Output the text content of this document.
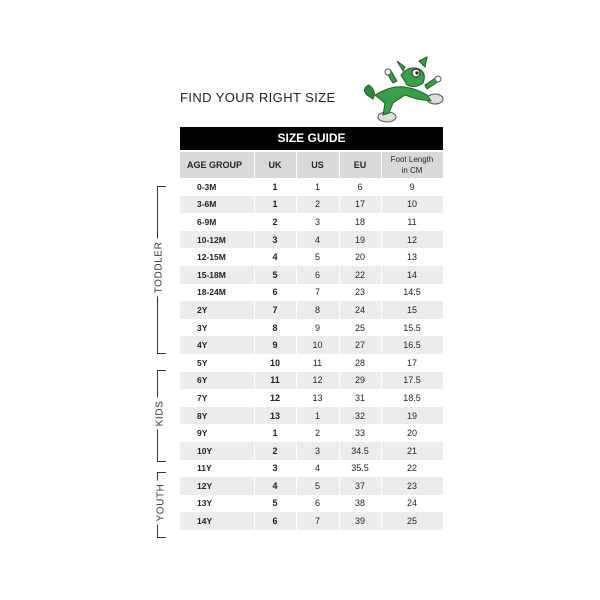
FIND YOUR RIGHT SIZE
SIZE GUIDE
AGE GROUP	UK	US	EU	Foot Length
in CM
0-3M	1	1	6	9
3-6M	1	2	17	10
6-9M	2	3	18	11
10-12M	3	4	19	12
12-15M	4	5	20	13
15-18M	5	6	22	14
18-24M	6	7	23	14.5
2Y	7	8	24	15
3Y	8	9	25	15.5
4Y	9	10	27	16.5
5Y	10	11	28	17
6Y	11	12	29	17.5
7Y	12	13	31	18.5
8Y	13	1	32	19
9Y	1	2	33	20
10Y	2	3	34.5	21
11Y	3	4	35.5	22
12Y	4	5	37	23
13Y	5	6	38	24
14Y	6	7	39	25
TODDLER
KIDS
YOUTH
